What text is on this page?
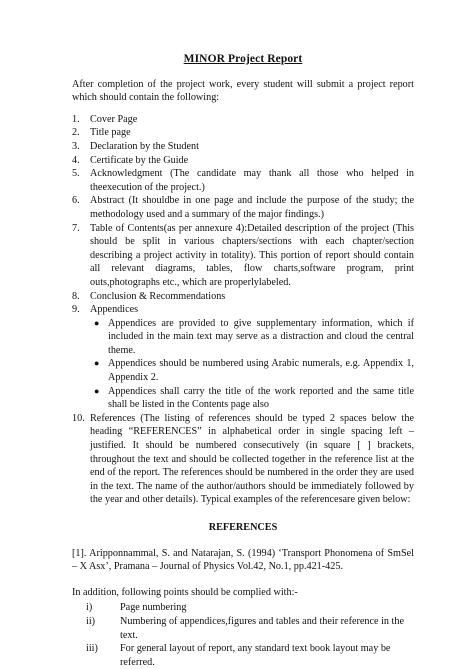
MINOR Project Report

After completion of the project work, every student will submit a project report which should contain the following:

1.	Cover Page
2.	Title page
3.	Declaration by the Student
4.	Certificate by the Guide
5.	Acknowledgment (The candidate may thank all those who helped in theexecution of the project.)
6.	Abstract (It shouldbe in one page and include the purpose of the study; the methodology used and a summary of the major findings.)
7.	Table of Contents(as per annexure 4):Detailed description of the project (This should be split in various chapters/sections with each chapter/section describing a project activity in totality). This portion of report should contain all relevant diagrams, tables, flow charts,software program, print outs,photographs etc., which are properlylabeled.
8.	Conclusion & Recommendations
9.	Appendices
● Appendices are provided to give supplementary information, which if included in the main text may serve as a distraction and cloud the central theme.
● Appendices should be numbered using Arabic numerals, e.g. Appendix 1, Appendix 2.
● Appendices shall carry the title of the work reported and the same title shall be listed in the Contents page also
10. References (The listing of references should be typed 2 spaces below the heading “REFERENCES” in alphabetical order in single spacing left – justified. It should be numbered consecutively (in square [ ] brackets, throughout the text and should be collected together in the reference list at the end of the report. The references should be numbered in the order they are used in the text. The name of the author/authors should be immediately followed by the year and other details). Typical examples of the referencesare given below:
REFERENCES

[1]. Aripponnammal, S. and Natarajan, S. (1994) ‘Transport Phonomena of SmSel – X Asx’, Pramana – Journal of Physics Vol.42, No.1, pp.421-425.

In addition, following points should be complied with:-

i)	Page numbering
ii) Numbering of appendices,figures and tables and their reference in the text.
iii) For general layout of report, any standard text book layout may be referred.
